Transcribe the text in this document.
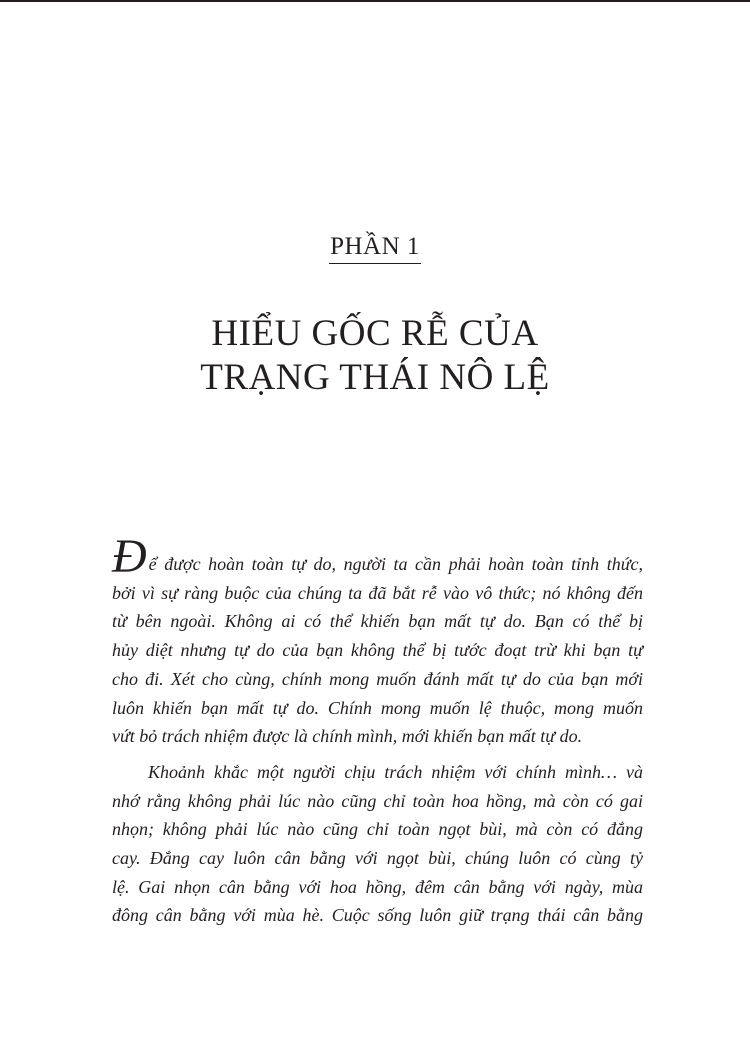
PHẦN 1
HIỂU GỐC RỄ CỦA
TRẠNG THÁI NÔ LỆ

Để được hoàn toàn tự do, người ta cần phải hoàn toàn tỉnh thức,
bởi vì sự ràng buộc của chúng ta đã bắt rễ vào vô thức; nó không đến
từ bên ngoài. Không ai có thể khiến bạn mất tự do. Bạn có thể bị
hủy diệt nhưng tự do của bạn không thể bị tước đoạt trừ khi bạn tự
cho đi. Xét cho cùng, chính mong muốn đánh mất tự do của bạn mới
luôn khiến bạn mất tự do. Chính mong muốn lệ thuộc, mong muốn
vứt bỏ trách nhiệm được là chính mình, mới khiến bạn mất tự do.

Khoảnh khắc một người chịu trách nhiệm với chính mình… và
nhớ rằng không phải lúc nào cũng chỉ toàn hoa hồng, mà còn có gai
nhọn; không phải lúc nào cũng chỉ toàn ngọt bùi, mà còn có đắng
cay. Đắng cay luôn cân bằng với ngọt bùi, chúng luôn có cùng tỷ
lệ. Gai nhọn cân bằng với hoa hồng, đêm cân bằng với ngày, mùa
đông cân bằng với mùa hè. Cuộc sống luôn giữ trạng thái cân bằng
